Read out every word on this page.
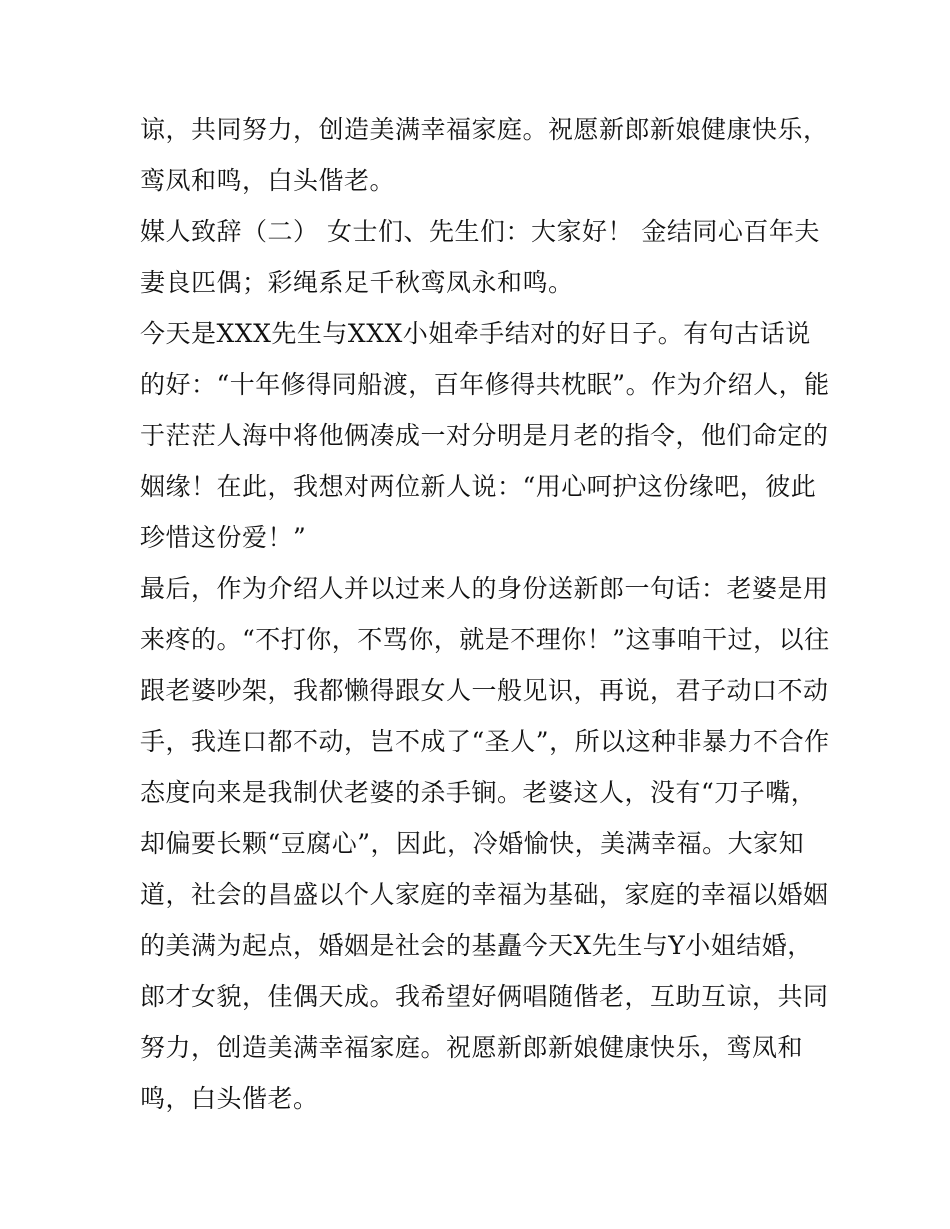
谅，共同努力，创造美满幸福家庭。祝愿新郎新娘健康快乐，
鸾凤和鸣，白头偕老。
媒人致辞（二） 女士们、先生们：大家好！ 金结同心百年夫
妻良匹偶；彩绳系足千秋鸾凤永和鸣。
今天是XXX先生与XXX小姐牵手结对的好日子。有句古话说
的好：“十年修得同船渡，百年修得共枕眠”。作为介绍人，能
于茫茫人海中将他俩凑成一对分明是月老的指令，他们命定的
姻缘！在此，我想对两位新人说：“用心呵护这份缘吧，彼此
珍惜这份爱！”
最后，作为介绍人并以过来人的身份送新郎一句话：老婆是用
来疼的。“不打你，不骂你，就是不理你！”这事咱干过，以往
跟老婆吵架，我都懒得跟女人一般见识，再说，君子动口不动
手，我连口都不动，岂不成了“圣人”，所以这种非暴力不合作
态度向来是我制伏老婆的杀手锏。老婆这人，没有“刀子嘴，
却偏要长颗“豆腐心”，因此，冷婚愉快，美满幸福。大家知
道，社会的昌盛以个人家庭的幸福为基础，家庭的幸福以婚姻
的美满为起点，婚姻是社会的基矗今天X先生与Y小姐结婚，
郎才女貌，佳偶天成。我希望好俩唱随偕老，互助互谅，共同
努力，创造美满幸福家庭。祝愿新郎新娘健康快乐，鸾凤和
鸣，白头偕老。
